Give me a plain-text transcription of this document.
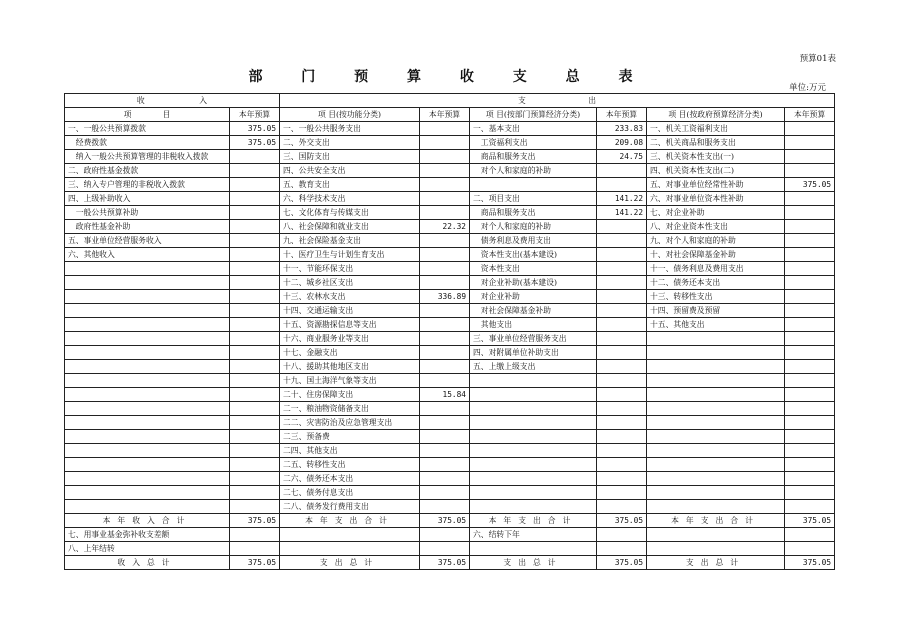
预算01表
部 门 预 算 收 支 总 表
单位:万元
收　　　　　　　入		支　　　　　　　　出					
项　　　　目	本年预算	项 目(按功能分类)	本年预算	项 目(按部门预算经济分类)	本年预算	项 目(按政府预算经济分类)	本年预算
一、一般公共预算拨款	375.05	一、一般公共服务支出		一、基本支出	233.83	一、机关工资福利支出	
　经费拨款	375.05	二、外交支出		　工资福利支出	209.08	二、机关商品和服务支出	
　纳入一般公共预算管理的非税收入拨款		三、国防支出		　商品和服务支出	24.75	三、机关资本性支出(一)	
二、政府性基金拨款		四、公共安全支出		　对个人和家庭的补助		四、机关资本性支出(二)	
三、纳入专户管理的非税收入拨款		五、教育支出				五、对事业单位经常性补助	375.05
四、上级补助收入		六、科学技术支出		二、项目支出	141.22	六、对事业单位资本性补助	
　一般公共预算补助		七、文化体育与传媒支出		　商品和服务支出	141.22	七、对企业补助	
　政府性基金补助		八、社会保障和就业支出	22.32	　对个人和家庭的补助		八、对企业资本性支出	
五、事业单位经营服务收入		九、社会保险基金支出		　债务利息及费用支出		九、对个人和家庭的补助	
六、其他收入		十、医疗卫生与计划生育支出		　资本性支出(基本建设)		十、对社会保障基金补助	
		十一、节能环保支出		　资本性支出		十一、债务利息及费用支出	
		十二、城乡社区支出		　对企业补助(基本建设)		十二、债务还本支出	
		十三、农林水支出	336.89	　对企业补助		十三、转移性支出	
		十四、交通运输支出		　对社会保障基金补助		十四、预留费及预留	
		十五、资源勘探信息等支出		　其他支出		十五、其他支出	
		十六、商业服务业等支出		三、事业单位经营服务支出			
		十七、金融支出		四、对附属单位补助支出			
		十八、援助其他地区支出		五、上缴上级支出			
		十九、国土海洋气象等支出					
		二十、住房保障支出	15.84				
		二一、粮油物资储备支出					
		二二、灾害防治及应急管理支出					
		二三、预备费					
		二四、其他支出					
		二五、转移性支出					
		二六、债务还本支出					
		二七、债务付息支出					
		二八、债务发行费用支出					
本年收入合计	375.05	本年支出合计	375.05	本年支出合计	375.05	本年支出合计	375.05
七、用事业基金弥补收支差额				六、结转下年			
八、上年结转							
收入总计	375.05	支出总计	375.05	支出总计	375.05	支出总计	375.05
